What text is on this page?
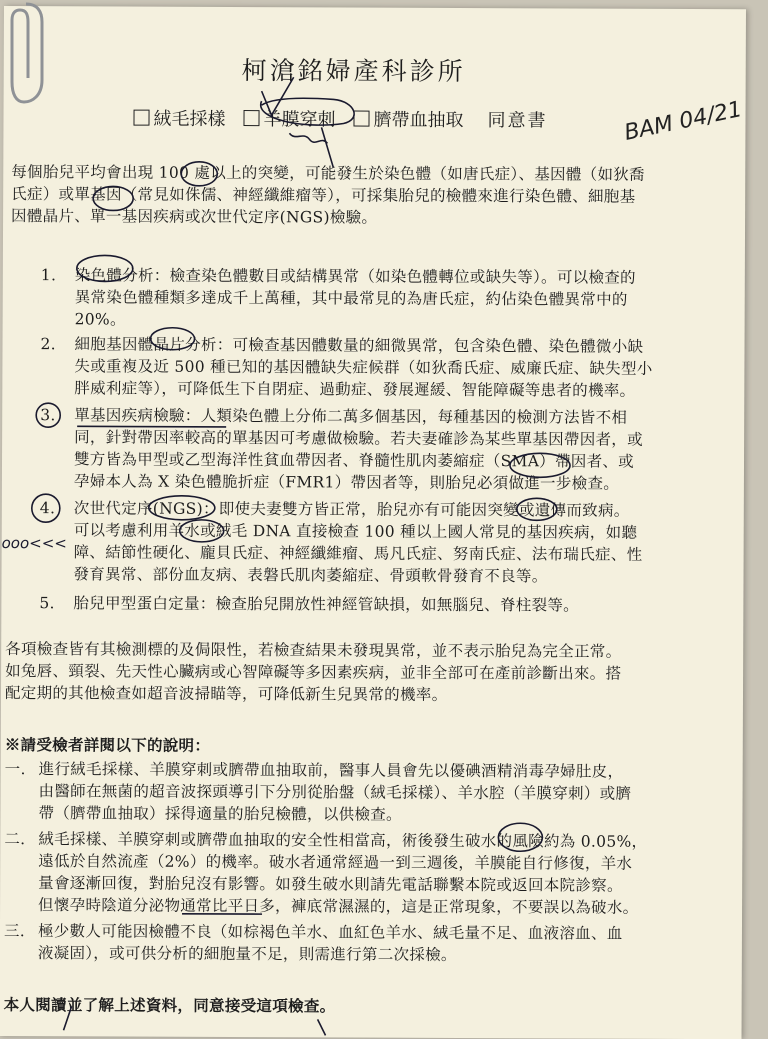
柯滄銘婦產科診所
絨毛採樣 羊膜穿刺 臍帶血抽取 同意書	BAM 04/21
每個胎兒平均會出現 100 處以上的突變，可能發生於染色體（如唐氏症）、基因體（如狄喬
氏症）或單基因（常見如侏儒、神經纖維瘤等），可採集胎兒的檢體來進行染色體、細胞基
因體晶片、單一基因疾病或次世代定序(NGS)檢驗。
1. 染色體分析：檢查染色體數目或結構異常（如染色體轉位或缺失等）。可以檢查的
異常染色體種類多達成千上萬種，其中最常見的為唐氏症，約佔染色體異常中的
20%。
2. 細胞基因體晶片分析：可檢查基因體數量的細微異常，包含染色體、染色體微小缺
失或重複及近 500 種已知的基因體缺失症候群（如狄喬氏症、威廉氏症、缺失型小
胖威利症等），可降低生下自閉症、過動症、發展遲緩、智能障礙等患者的機率。
3. 單基因疾病檢驗：人類染色體上分佈二萬多個基因，每種基因的檢測方法皆不相
同，針對帶因率較高的單基因可考慮做檢驗。若夫妻確診為某些單基因帶因者，或
雙方皆為甲型或乙型海洋性貧血帶因者、脊髓性肌肉萎縮症（SMA）帶因者、或
孕婦本人為 X 染色體脆折症（FMR1）帶因者等，則胎兒必須做進一步檢查。
4. 次世代定序(NGS)：即使夫妻雙方皆正常，胎兒亦有可能因突變或遺傳而致病。
可以考慮利用羊水或絨毛 DNA 直接檢查 100 種以上國人常見的基因疾病，如聽
障、結節性硬化、龐貝氏症、神經纖維瘤、馬凡氏症、努南氏症、法布瑞氏症、性
發育異常、部份血友病、表磐氏肌肉萎縮症、骨頭軟骨發育不良等。
5. 胎兒甲型蛋白定量：檢查胎兒開放性神經管缺損，如無腦兒、脊柱裂等。
各項檢查皆有其檢測標的及侷限性，若檢查結果未發現異常，並不表示胎兒為完全正常。
如兔唇、頸裂、先天性心臟病或心智障礙等多因素疾病，並非全部可在產前診斷出來。搭
配定期的其他檢查如超音波掃瞄等，可降低新生兒異常的機率。
※請受檢者詳閱以下的說明：
一. 進行絨毛採樣、羊膜穿刺或臍帶血抽取前，醫事人員會先以優碘酒精消毒孕婦肚皮，
由醫師在無菌的超音波探頭導引下分別從胎盤（絨毛採樣）、羊水腔（羊膜穿刺）或臍
帶（臍帶血抽取）採得適量的胎兒檢體，以供檢查。
二. 絨毛採樣、羊膜穿刺或臍帶血抽取的安全性相當高，術後發生破水的風險約為 0.05%，
遠低於自然流產（2%）的機率。破水者通常經過一到三週後，羊膜能自行修復，羊水
量會逐漸回復，對胎兒沒有影響。如發生破水則請先電話聯繫本院或返回本院診察。
但懷孕時陰道分泌物通常比平日多，褲底常濕濕的，這是正常現象，不要誤以為破水。
三. 極少數人可能因檢體不良（如棕褐色羊水、血紅色羊水、絨毛量不足、血液溶血、血
液凝固），或可供分析的細胞量不足，則需進行第二次採檢。
本人閱讀並了解上述資料，同意接受這項檢查。
ooo<<<
